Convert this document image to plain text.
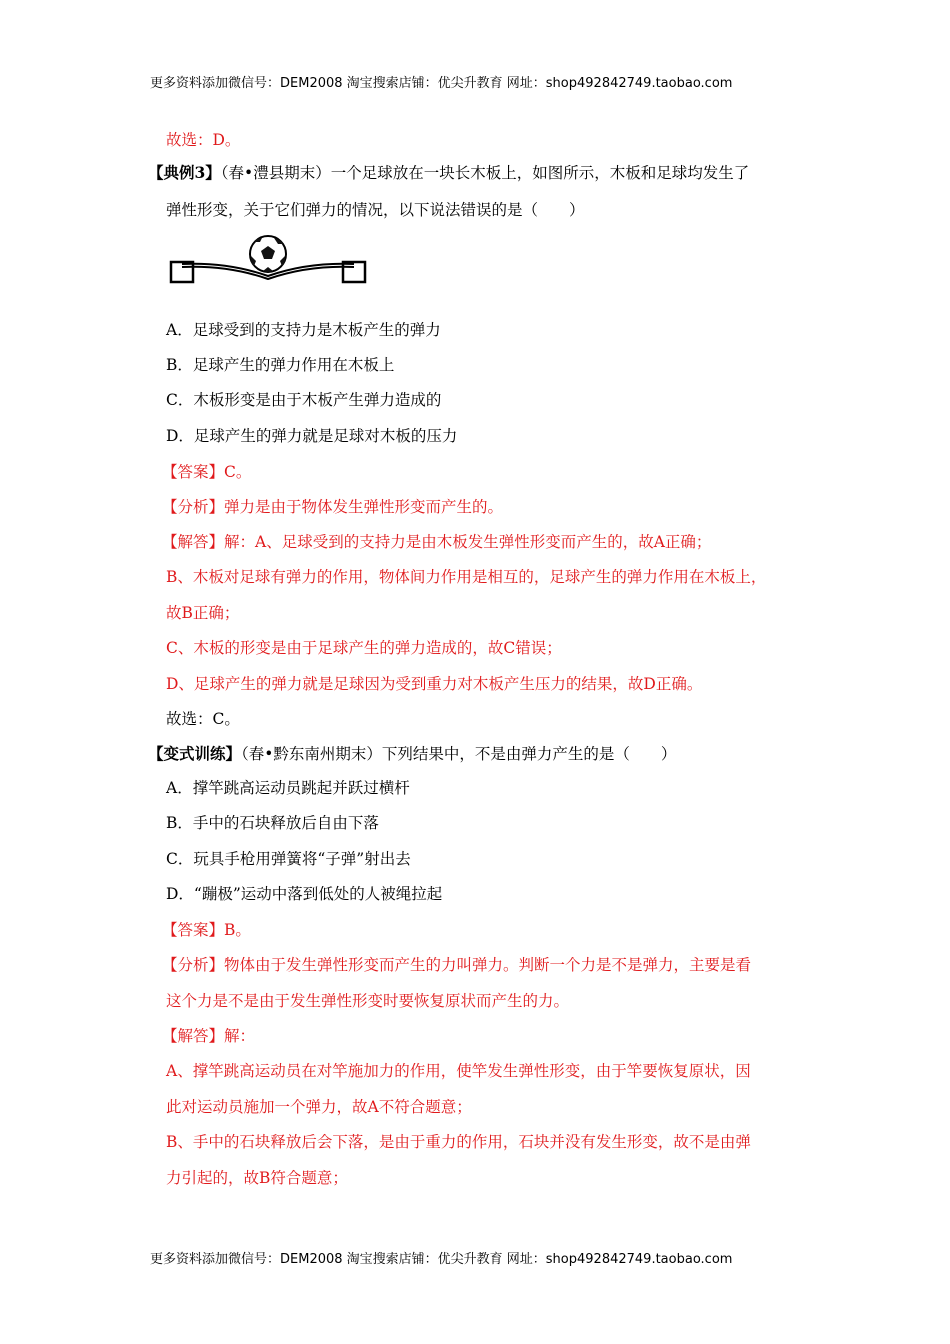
更多资料添加微信号：DEM2008 淘宝搜索店铺：优尖升教育 网址：shop492842749.taobao.com
故选：D。
【典例3】（春•澧县期末）一个足球放在一块长木板上，如图所示，木板和足球均发生了
弹性形变，关于它们弹力的情况，以下说法错误的是（　　）
A．足球受到的支持力是木板产生的弹力
B．足球产生的弹力作用在木板上
C．木板形变是由于木板产生弹力造成的
D．足球产生的弹力就是足球对木板的压力
【答案】C。
【分析】弹力是由于物体发生弹性形变而产生的。
【解答】解：A、足球受到的支持力是由木板发生弹性形变而产生的，故A正确；
B、木板对足球有弹力的作用，物体间力作用是相互的，足球产生的弹力作用在木板上，
故B正确；
C、木板的形变是由于足球产生的弹力造成的，故C错误；
D、足球产生的弹力就是足球因为受到重力对木板产生压力的结果，故D正确。
故选：C。
【变式训练】（春•黔东南州期末）下列结果中，不是由弹力产生的是（　　）
A．撑竿跳高运动员跳起并跃过横杆
B．手中的石块释放后自由下落
C．玩具手枪用弹簧将“子弹”射出去
D．“蹦极”运动中落到低处的人被绳拉起
【答案】B。
【分析】物体由于发生弹性形变而产生的力叫弹力。判断一个力是不是弹力，主要是看
这个力是不是由于发生弹性形变时要恢复原状而产生的力。
【解答】解：
A、撑竿跳高运动员在对竿施加力的作用，使竿发生弹性形变，由于竿要恢复原状，因
此对运动员施加一个弹力，故A不符合题意；
B、手中的石块释放后会下落，是由于重力的作用，石块并没有发生形变，故不是由弹
力引起的，故B符合题意；
更多资料添加微信号：DEM2008 淘宝搜索店铺：优尖升教育 网址：shop492842749.taobao.com
